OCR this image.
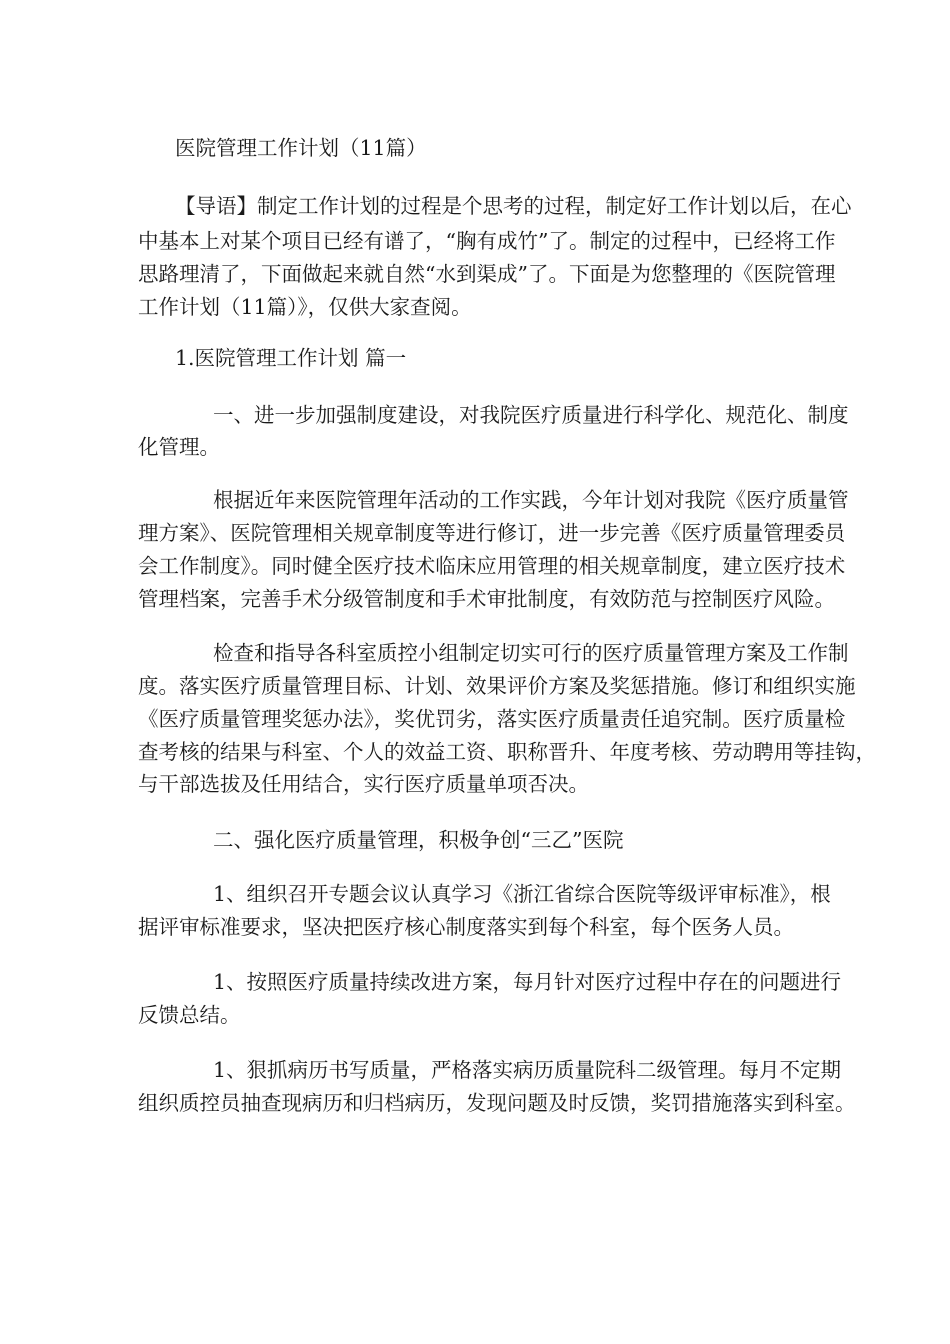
医院管理工作计划（11篇）

【导语】制定工作计划的过程是个思考的过程，制定好工作计划以后，在心

中基本上对某个项目已经有谱了，“胸有成竹”了。制定的过程中，已经将工作

思路理清了，下面做起来就自然“水到渠成”了。下面是为您整理的《医院管理

工作计划（11篇）》，仅供大家查阅。

1.医院管理工作计划 篇一

一、进一步加强制度建设，对我院医疗质量进行科学化、规范化、制度

化管理。

根据近年来医院管理年活动的工作实践，今年计划对我院《医疗质量管

理方案》、医院管理相关规章制度等进行修订，进一步完善《医疗质量管理委员

会工作制度》。同时健全医疗技术临床应用管理的相关规章制度，建立医疗技术

管理档案，完善手术分级管制度和手术审批制度，有效防范与控制医疗风险。

检查和指导各科室质控小组制定切实可行的医疗质量管理方案及工作制

度。落实医疗质量管理目标、计划、效果评价方案及奖惩措施。修订和组织实施

《医疗质量管理奖惩办法》，奖优罚劣，落实医疗质量责任追究制。医疗质量检

查考核的结果与科室、个人的效益工资、职称晋升、年度考核、劳动聘用等挂钩，

与干部选拔及任用结合，实行医疗质量单项否决。

二、强化医疗质量管理，积极争创“三乙”医院

1、组织召开专题会议认真学习《浙江省综合医院等级评审标准》，根

据评审标准要求，坚决把医疗核心制度落实到每个科室，每个医务人员。

1、按照医疗质量持续改进方案，每月针对医疗过程中存在的问题进行

反馈总结。

1、狠抓病历书写质量，严格落实病历质量院科二级管理。每月不定期

组织质控员抽查现病历和归档病历，发现问题及时反馈，奖罚措施落实到科室。
